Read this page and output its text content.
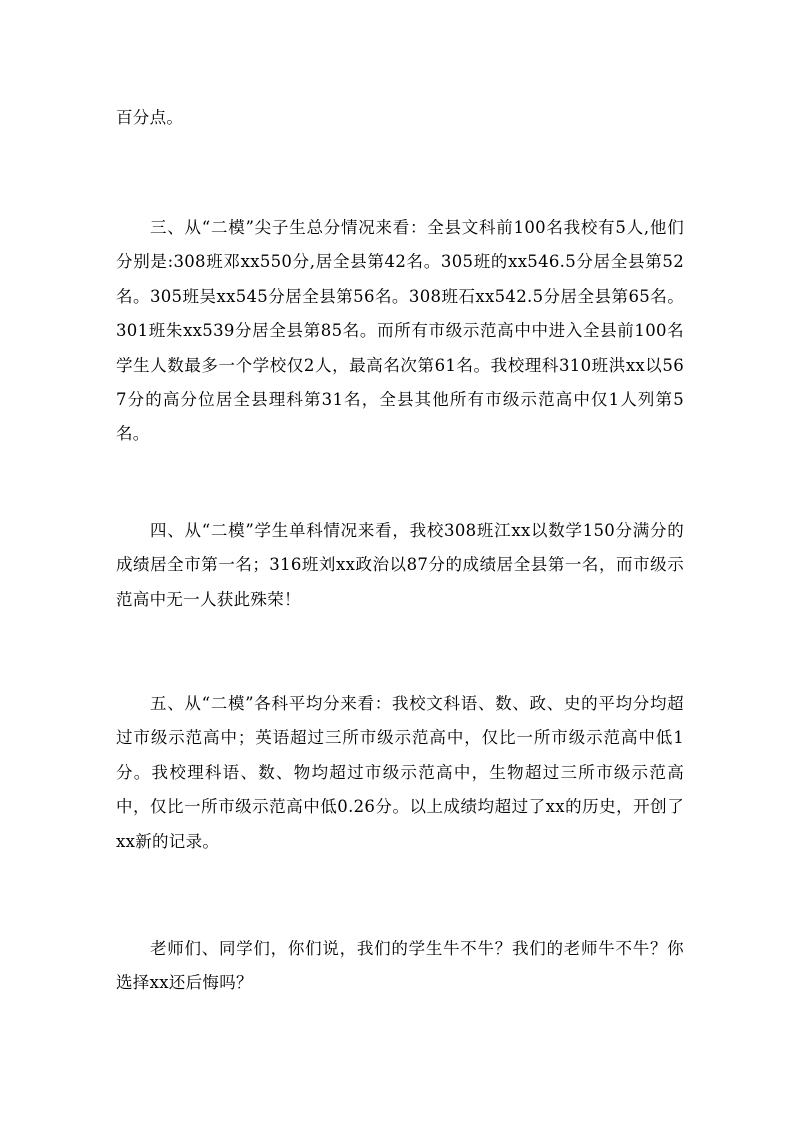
百分点。

三、从“二模”尖子生总分情况来看：全县文科前100名我校有5人,他们分别是:308班邓xx550分,居全县第42名。305班的xx546.5分居全县第52名。305班吴xx545分居全县第56名。308班石xx542.5分居全县第65名。301班朱xx539分居全县第85名。而所有市级示范高中中进入全县前100名学生人数最多一个学校仅2人，最高名次第61名。我校理科310班洪xx以567分的高分位居全县理科第31名，全县其他所有市级示范高中仅1人列第5名。

四、从“二模”学生单科情况来看，我校308班江xx以数学150分满分的成绩居全市第一名；316班刘xx政治以87分的成绩居全县第一名，而市级示范高中无一人获此殊荣！

五、从“二模”各科平均分来看：我校文科语、数、政、史的平均分均超过市级示范高中；英语超过三所市级示范高中，仅比一所市级示范高中低1分。我校理科语、数、物均超过市级示范高中，生物超过三所市级示范高中，仅比一所市级示范高中低0.26分。以上成绩均超过了xx的历史，开创了xx新的记录。

老师们、同学们，你们说，我们的学生牛不牛？我们的老师牛不牛？你选择xx还后悔吗？
